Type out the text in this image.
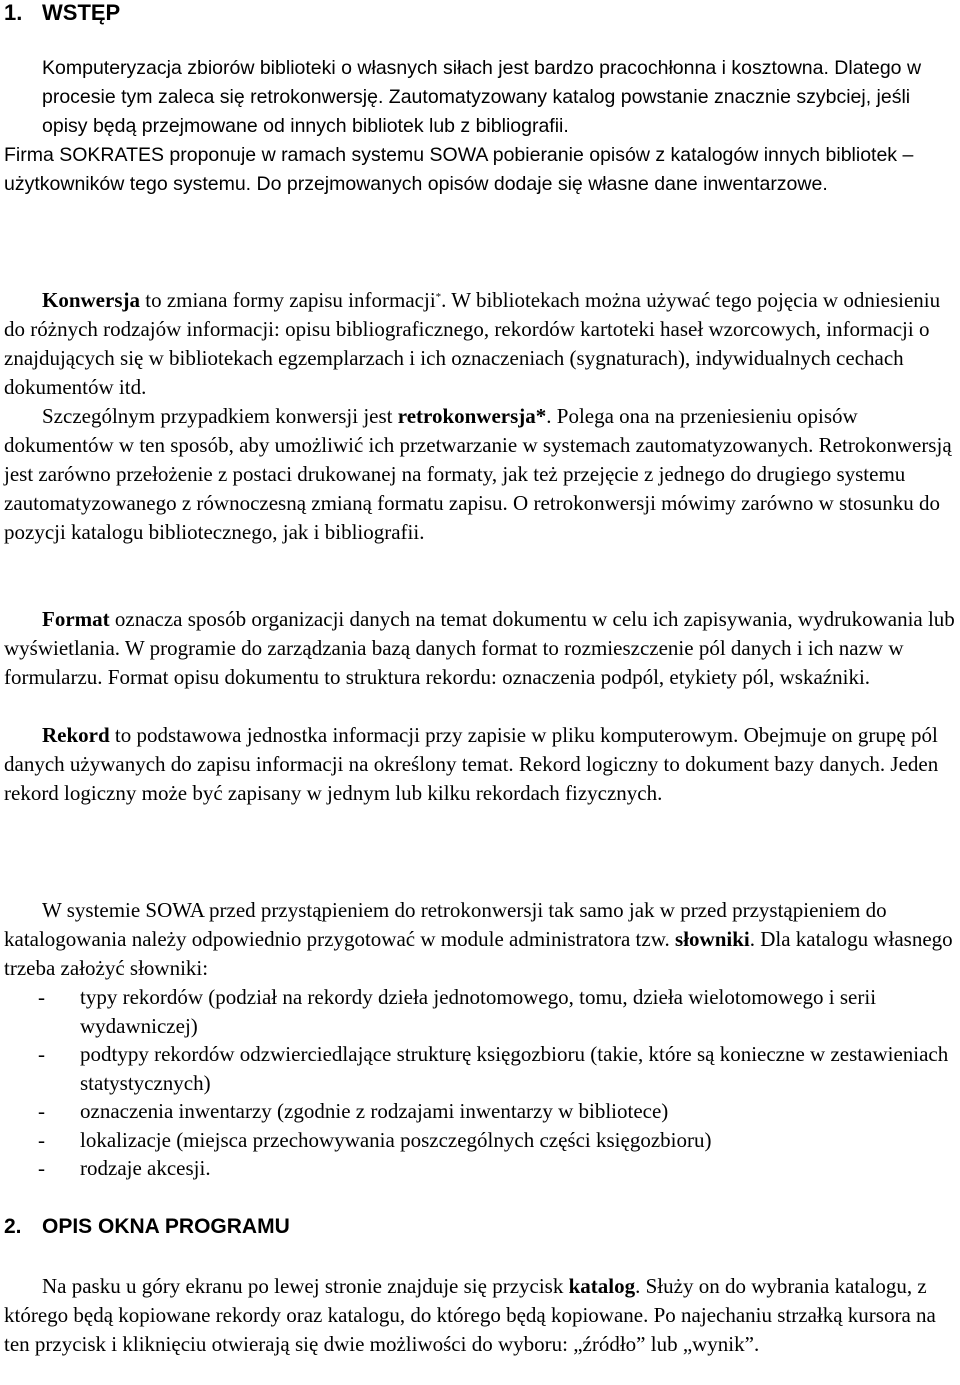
1. WSTĘP

Komputeryzacja zbiorów biblioteki o własnych siłach jest bardzo pracochłonna i kosztowna. Dlatego w procesie tym zaleca się retrokonwersję. Zautomatyzowany katalog powstanie znacznie szybciej, jeśli opisy będą przejmowane od innych bibliotek lub z bibliografii.

Firma SOKRATES proponuje w ramach systemu SOWA pobieranie opisów z katalogów innych bibliotek – użytkowników tego systemu. Do przejmowanych opisów dodaje się własne dane inwentarzowe.

Konwersja to zmiana formy zapisu informacji*. W bibliotekach można używać tego pojęcia w odniesieniu do różnych rodzajów informacji: opisu bibliograficznego, rekordów kartoteki haseł wzorcowych, informacji o znajdujących się w bibliotekach egzemplarzach i ich oznaczeniach (sygnaturach), indywidualnych cechach dokumentów itd.

Szczególnym przypadkiem konwersji jest retrokonwersja*. Polega ona na przeniesieniu opisów dokumentów w ten sposób, aby umożliwić ich przetwarzanie w systemach zautomatyzowanych. Retrokonwersją jest zarówno przełożenie z postaci drukowanej na formaty, jak też przejęcie z jednego do drugiego systemu zautomatyzowanego z równoczesną zmianą formatu zapisu. O retrokonwersji mówimy zarówno w stosunku do pozycji katalogu bibliotecznego, jak i bibliografii.

Format oznacza sposób organizacji danych na temat dokumentu w celu ich zapisywania, wydrukowania lub wyświetlania. W programie do zarządzania bazą danych format to rozmieszczenie pól danych i ich nazw w formularzu. Format opisu dokumentu to struktura rekordu: oznaczenia podpól, etykiety pól, wskaźniki.

Rekord to podstawowa jednostka informacji przy zapisie w pliku komputerowym. Obejmuje on grupę pól danych używanych do zapisu informacji na określony temat. Rekord logiczny to dokument bazy danych. Jeden rekord logiczny może być zapisany w jednym lub kilku rekordach fizycznych.

W systemie SOWA przed przystąpieniem do retrokonwersji tak samo jak w przed przystąpieniem do katalogowania należy odpowiednio przygotować w module administratora tzw. słowniki. Dla katalogu własnego trzeba założyć słowniki:

- typy rekordów (podział na rekordy dzieła jednotomowego, tomu, dzieła wielotomowego i serii wydawniczej)
- podtypy rekordów odzwierciedlające strukturę księgozbioru (takie, które są konieczne w zestawieniach statystycznych)
- oznaczenia inwentarzy (zgodnie z rodzajami inwentarzy w bibliotece)
- lokalizacje (miejsca przechowywania poszczególnych części księgozbioru)
- rodzaje akcesji.
2. OPIS OKNA PROGRAMU

Na pasku u góry ekranu po lewej stronie znajduje się przycisk katalog. Służy on do wybrania katalogu, z którego będą kopiowane rekordy oraz katalogu, do którego będą kopiowane. Po najechaniu strzałką kursora na ten przycisk i kliknięciu otwierają się dwie możliwości do wyboru: „źródło” lub „wynik”.
